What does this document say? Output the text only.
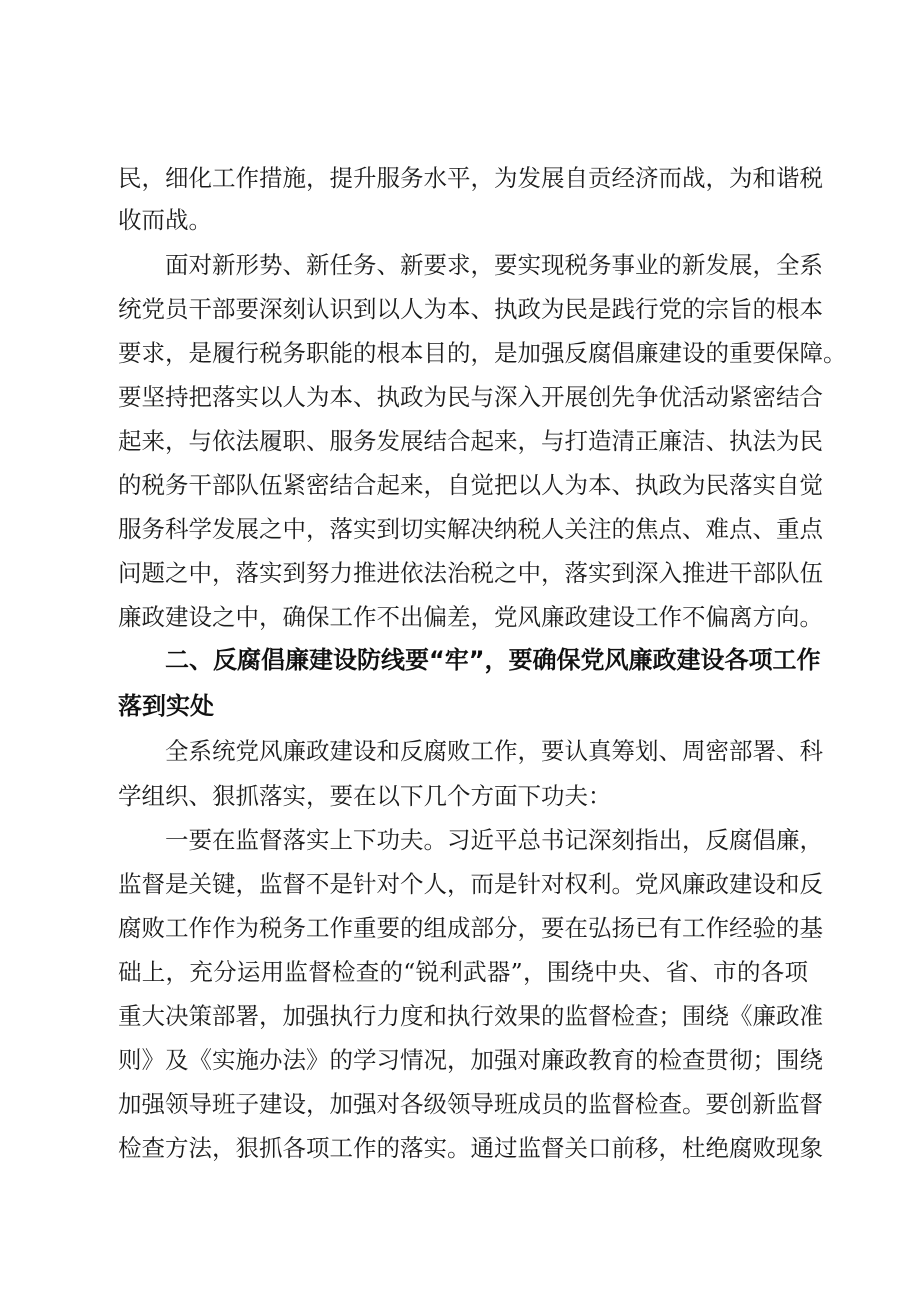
民，细化工作措施，提升服务水平，为发展自贡经济而战，为和谐税
收而战。
面对新形势、新任务、新要求，要实现税务事业的新发展，全系
统党员干部要深刻认识到以人为本、执政为民是践行党的宗旨的根本
要求，是履行税务职能的根本目的，是加强反腐倡廉建设的重要保障。
要坚持把落实以人为本、执政为民与深入开展创先争优活动紧密结合
起来，与依法履职、服务发展结合起来，与打造清正廉洁、执法为民
的税务干部队伍紧密结合起来，自觉把以人为本、执政为民落实自觉
服务科学发展之中，落实到切实解决纳税人关注的焦点、难点、重点
问题之中，落实到努力推进依法治税之中，落实到深入推进干部队伍
廉政建设之中，确保工作不出偏差，党风廉政建设工作不偏离方向。
二、反腐倡廉建设防线要“牢”，要确保党风廉政建设各项工作
落到实处
全系统党风廉政建设和反腐败工作，要认真筹划、周密部署、科
学组织、狠抓落实，要在以下几个方面下功夫：
一要在监督落实上下功夫。习近平总书记深刻指出，反腐倡廉，
监督是关键，监督不是针对个人，而是针对权利。党风廉政建设和反
腐败工作作为税务工作重要的组成部分，要在弘扬已有工作经验的基
础上，充分运用监督检查的“锐利武器”，围绕中央、省、市的各项
重大决策部署，加强执行力度和执行效果的监督检查；围绕《廉政准
则》及《实施办法》的学习情况，加强对廉政教育的检查贯彻；围绕
加强领导班子建设，加强对各级领导班成员的监督检查。要创新监督
检查方法，狠抓各项工作的落实。通过监督关口前移，杜绝腐败现象
